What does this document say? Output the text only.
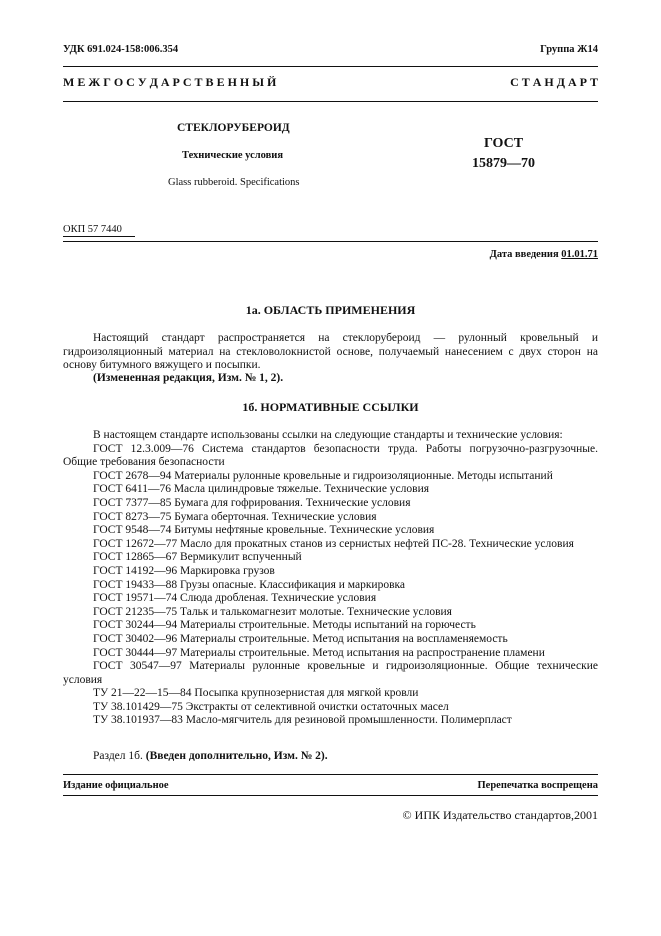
УДК 691.024-158:006.354	Группа Ж14
М Е Ж Г О С У Д А Р С Т В Е Н Н Ы Й	С Т А Н Д А Р Т
СТЕКЛОРУБЕРОИД
Технические условия
Glass rubberoid. Specifications
ГОСТ
15879—70
ОКП 57 7440
Дата введения 01.01.71
1а. ОБЛАСТЬ ПРИМЕНЕНИЯ
Настоящий стандарт распространяется на стеклорубероид — рулонный кровельный и гидроизоляционный материал на стекловолокнистой основе, получаемый нанесением с двух сторон на основу битумного вяжущего и посыпки.
(Измененная редакция, Изм. № 1, 2).
1б. НОРМАТИВНЫЕ ССЫЛКИ
В настоящем стандарте использованы ссылки на следующие стандарты и технические условия:
ГОСТ 12.3.009—76 Система стандартов безопасности труда. Работы погрузочно-разгрузочные. Общие требования безопасности
ГОСТ 2678—94 Материалы рулонные кровельные и гидроизоляционные. Методы испытаний
ГОСТ 6411—76 Масла цилиндровые тяжелые. Технические условия
ГОСТ 7377—85 Бумага для гофрирования. Технические условия
ГОСТ 8273—75 Бумага оберточная. Технические условия
ГОСТ 9548—74 Битумы нефтяные кровельные. Технические условия
ГОСТ 12672—77 Масло для прокатных станов из сернистых нефтей ПС-28. Технические условия
ГОСТ 12865—67 Вермикулит вспученный
ГОСТ 14192—96 Маркировка грузов
ГОСТ 19433—88 Грузы опасные. Классификация и маркировка
ГОСТ 19571—74 Слюда дробленая. Технические условия
ГОСТ 21235—75 Тальк и талькомагнезит молотые. Технические условия
ГОСТ 30244—94 Материалы строительные. Методы испытаний на горючесть
ГОСТ 30402—96 Материалы строительные. Метод испытания на воспламеняемость
ГОСТ 30444—97 Материалы строительные. Метод испытания на распространение пламени
ГОСТ 30547—97 Материалы рулонные кровельные и гидроизоляционные. Общие технические условия
ТУ 21—22—15—84 Посыпка крупнозернистая для мягкой кровли
ТУ 38.101429—75 Экстракты от селективной очистки остаточных масел
ТУ 38.101937—83 Масло-мягчитель для резиновой промышленности. Полимерпласт
Раздел 1б. (Введен дополнительно, Изм. № 2).
Издание официальное	Перепечатка воспрещена
© ИПК Издательство стандартов,2001
